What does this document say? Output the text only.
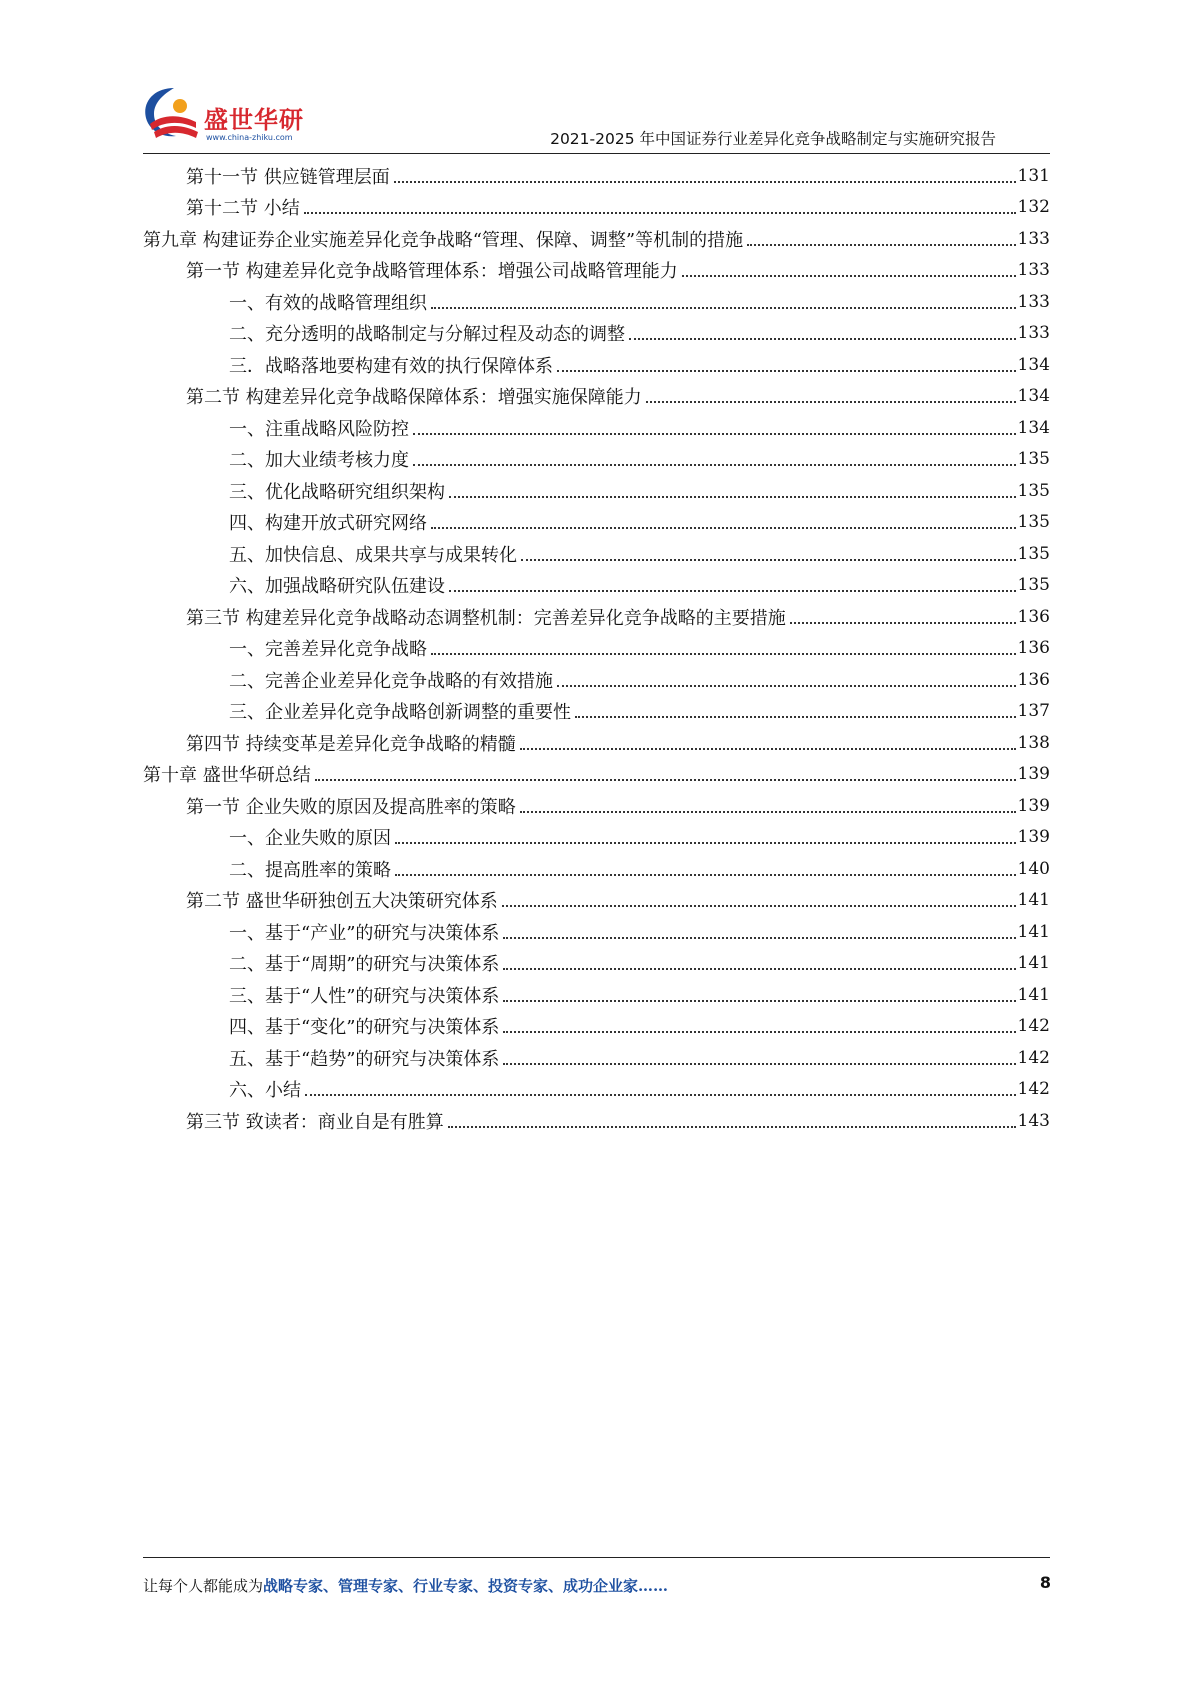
盛世华研
www.china-zhiku.com	2021-2025 年中国证券行业差异化竞争战略制定与实施研究报告
第十一节 供应链管理层面	131
第十二节 小结	132
第九章 构建证券企业实施差异化竞争战略“管理、保障、调整”等机制的措施	133
第一节 构建差异化竞争战略管理体系：增强公司战略管理能力	133
一、有效的战略管理组织	133
二、充分透明的战略制定与分解过程及动态的调整	133
三．战略落地要构建有效的执行保障体系	134
第二节 构建差异化竞争战略保障体系：增强实施保障能力	134
一、注重战略风险防控	134
二、加大业绩考核力度	135
三、优化战略研究组织架构	135
四、构建开放式研究网络	135
五、加快信息、成果共享与成果转化	135
六、加强战略研究队伍建设	135
第三节 构建差异化竞争战略动态调整机制：完善差异化竞争战略的主要措施	136
一、完善差异化竞争战略	136
二、完善企业差异化竞争战略的有效措施	136
三、企业差异化竞争战略创新调整的重要性	137
第四节 持续变革是差异化竞争战略的精髓	138
第十章 盛世华研总结	139
第一节 企业失败的原因及提高胜率的策略	139
一、企业失败的原因	139
二、提高胜率的策略	140
第二节 盛世华研独创五大决策研究体系	141
一、基于“产业”的研究与决策体系	141
二、基于“周期”的研究与决策体系	141
三、基于“人性”的研究与决策体系	141
四、基于“变化”的研究与决策体系	142
五、基于“趋势”的研究与决策体系	142
六、小结	142
第三节 致读者：商业自是有胜算	143
让每个人都能成为战略专家、管理专家、行业专家、投资专家、成功企业家……	8
